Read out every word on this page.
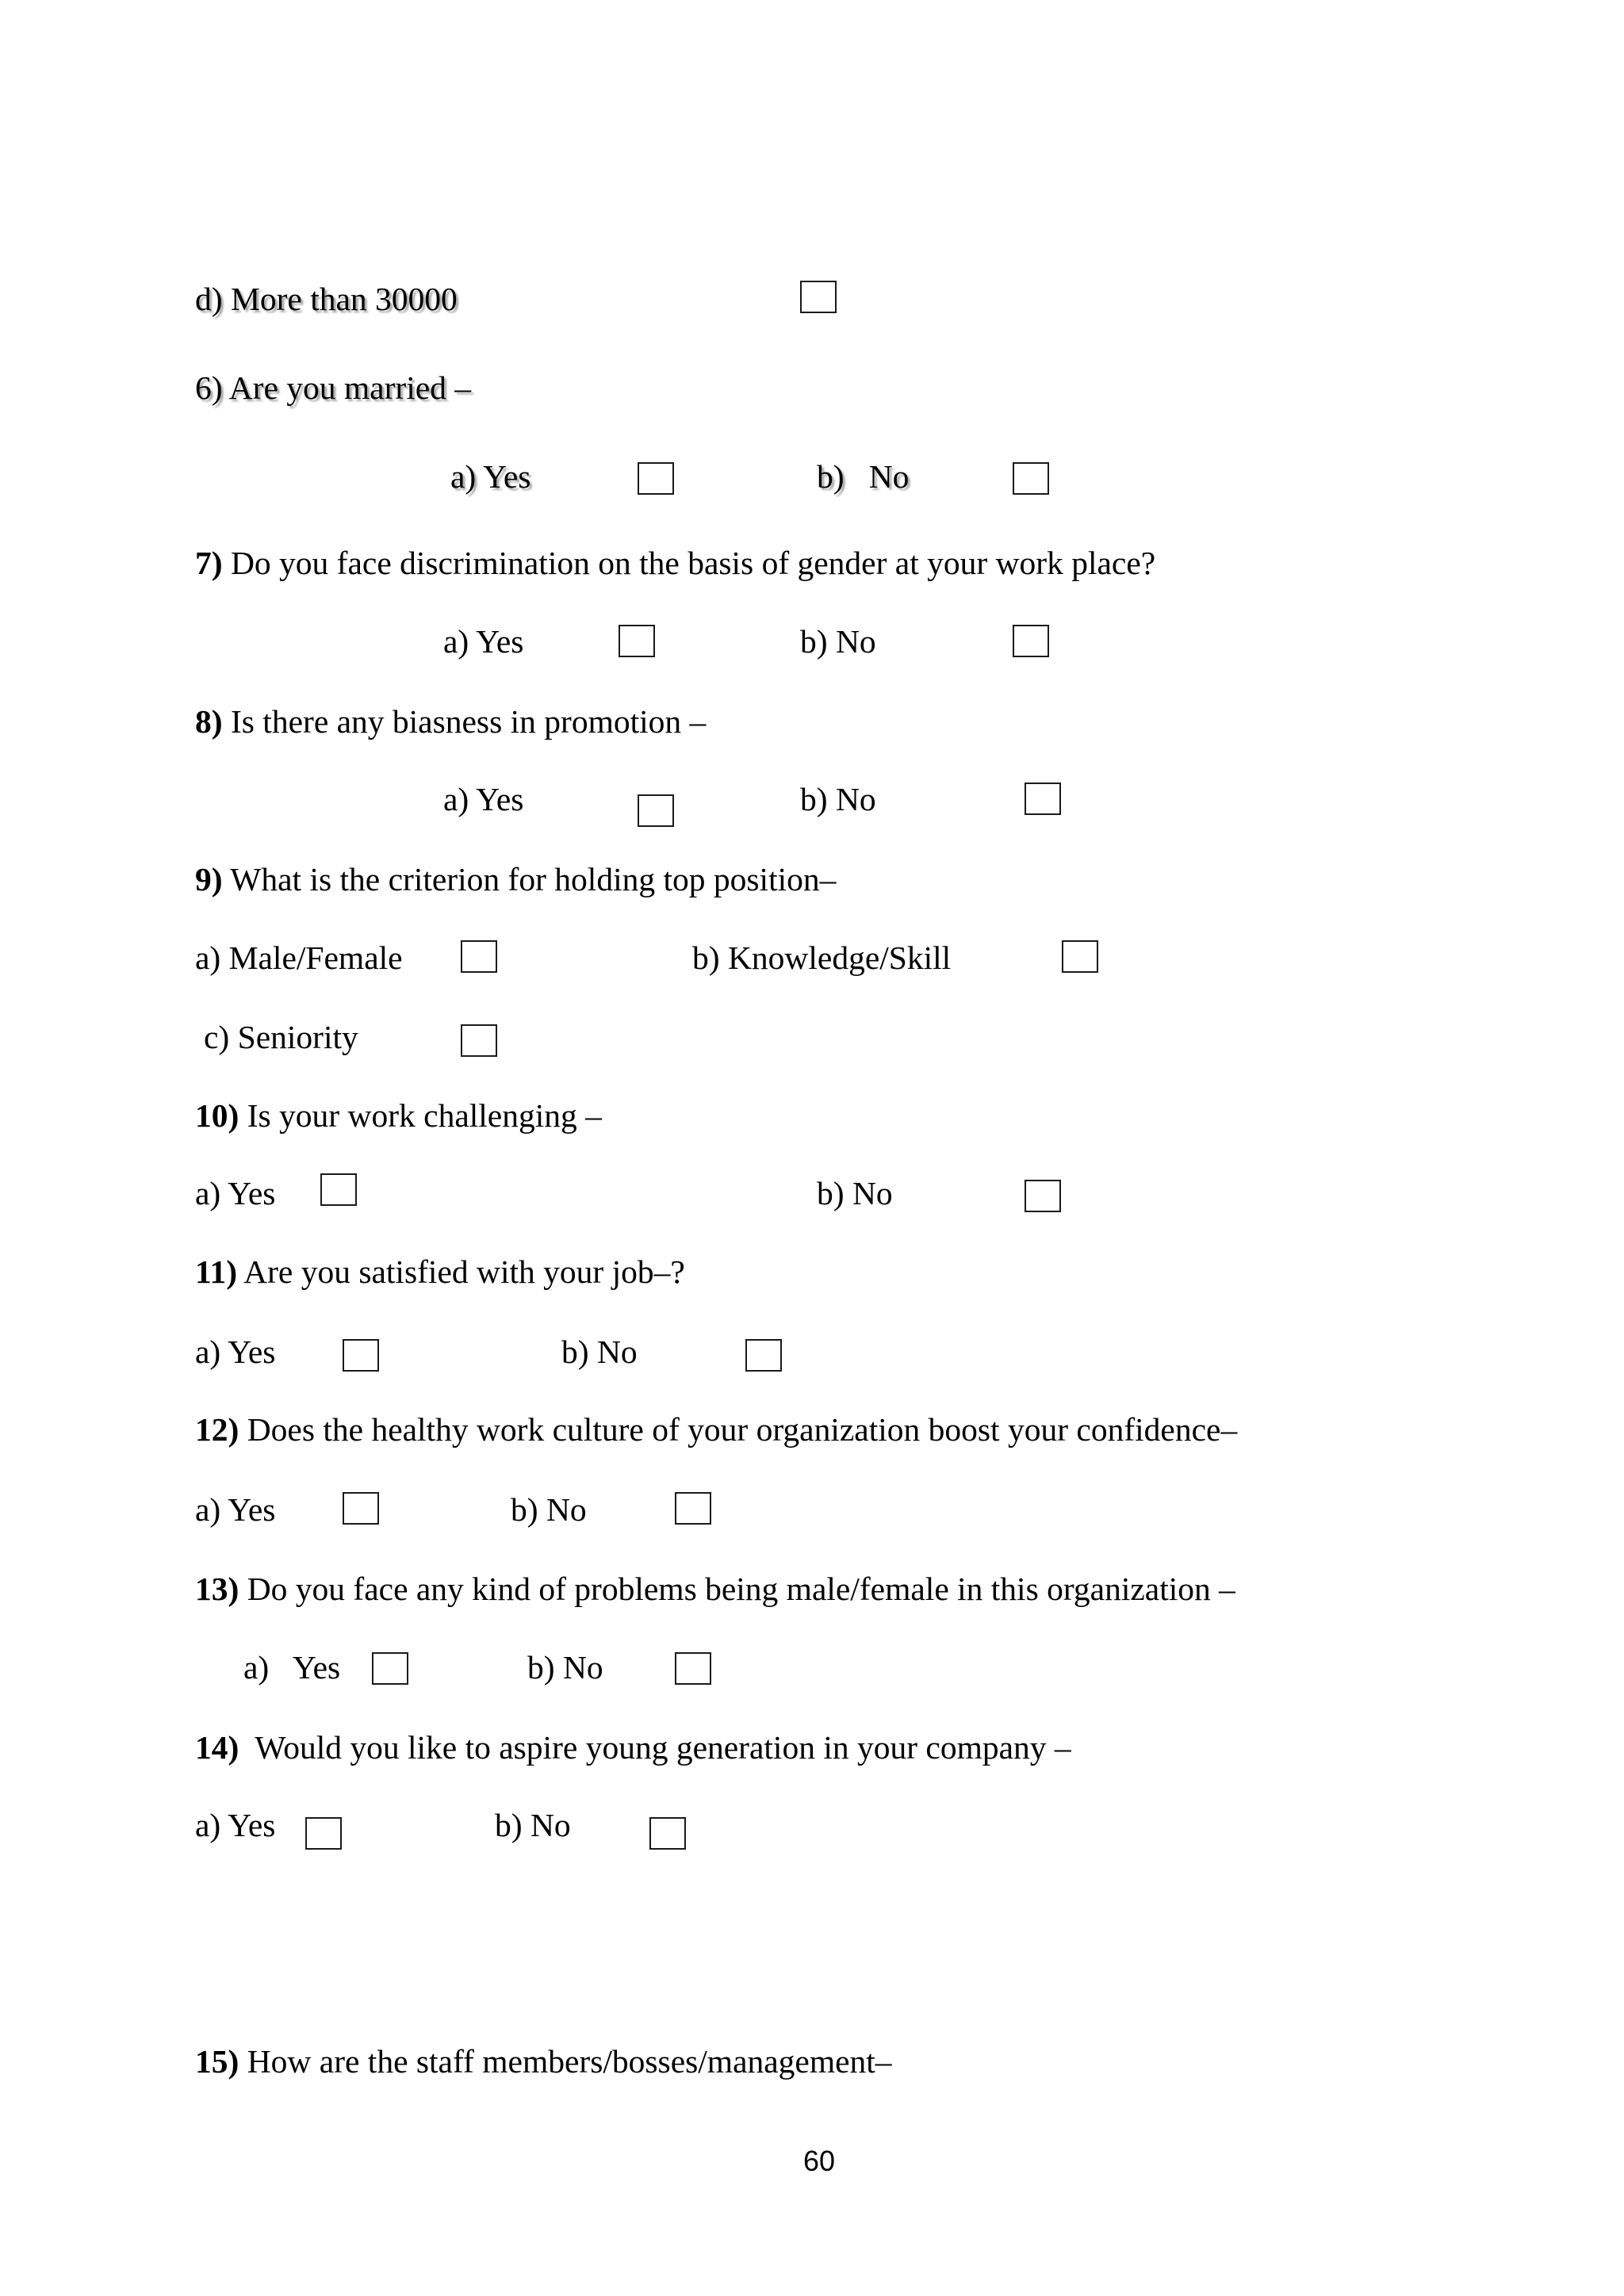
d) More than 30000
6) Are you married –
a) Yes	b)   No
7) Do you face discrimination on the basis of gender at your work place?
a) Yes	b) No
8) Is there any biasness in promotion –
a) Yes	b) No
9) What is the criterion for holding top position–
a) Male/Female	b) Knowledge/Skill
c) Seniority
10) Is your work challenging –
a) Yes	b) No
11) Are you satisfied with your job–?
a) Yes	b) No
12) Does the healthy work culture of your organization boost your confidence–
a) Yes	b) No
13) Do you face any kind of problems being male/female in this organization –
a)   Yes	b) No
14) Would you like to aspire young generation in your company –
a) Yes	b) No
15) How are the staff members/bosses/management–
60
